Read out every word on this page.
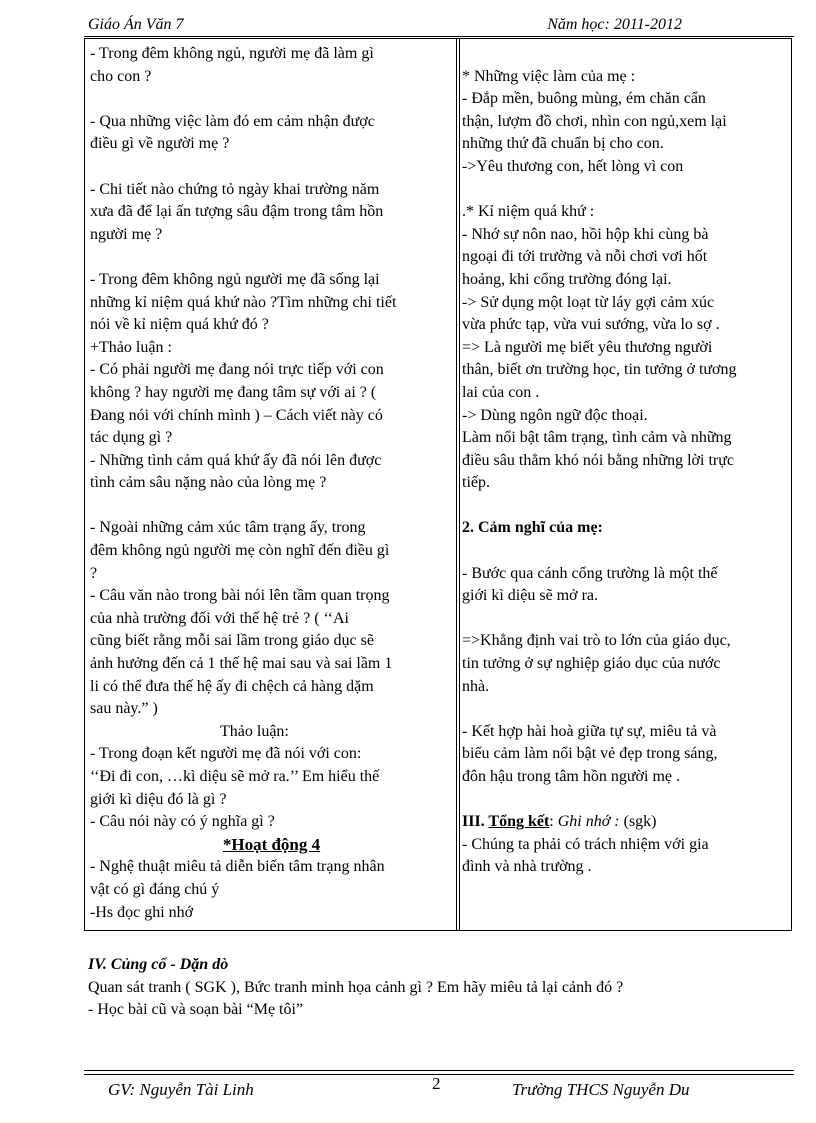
Giáo Án Văn 7	Năm học: 2011-2012

- Trong đêm không ngủ, người mẹ đã làm gì

cho con ?

- Qua những việc làm đó em cảm nhận được

điều gì về người mẹ ?

- Chi tiết nào chứng tỏ ngày khai trường năm

xưa đã để lại ấn tượng sâu đậm trong tâm hồn

người mẹ ?

- Trong đêm không ngủ người mẹ đã sống lại

những kỉ niệm quá khứ nào ?Tìm những chi tiết

nói về kỉ niệm quá khứ đó ?

+Thảo luận :

- Có phải người mẹ đang nói trực tiếp với con

không ? hay người mẹ đang tâm sự với ai ? (

Đang nói với chính mình ) – Cách viết này có

tác dụng gì ?

- Những tình cảm quá khứ ấy đã nói lên được

tình cảm sâu nặng nào của lòng mẹ ?

- Ngoài những cảm xúc tâm trạng ấy, trong

đêm không ngủ người mẹ còn nghĩ đến điều gì

?

- Câu văn nào trong bài nói lên tầm quan trọng

của nhà trường đối với thế hệ trẻ ? ( ‘‘Ai

cũng biết rằng mỗi sai lầm trong giáo dục sẽ

ảnh hưởng đến cả 1 thế hệ mai sau và sai lầm 1

li có thể đưa thế hệ ấy đi chệch cả hàng dặm

sau này.” )

Thảo luận:

- Trong đoạn kết người mẹ đã nói với con:

‘‘Đi đi con, …kì diệu sẽ mở ra.’’ Em hiểu thế

giới kì diệu đó là gì ?

- Câu nói này có ý nghĩa gì ?

*Hoạt động 4

- Nghệ thuật miêu tả diễn biến tâm trạng nhân

vật có gì đáng chú ý

-Hs đọc ghi nhớ

* Những việc làm của mẹ :

- Đắp mền, buông mùng, ém chăn cẩn

thận, lượm đồ chơi, nhìn con ngủ,xem lại

những thứ đã chuẩn bị cho con.

->Yêu thương con, hết lòng vì con

.* Kỉ niệm quá khứ :

- Nhớ sự nôn nao, hồi hộp khi cùng bà

ngoại đi tới trường và nỗi chơi vơi hốt

hoảng, khi cổng trường đóng lại.

-> Sử dụng một loạt từ láy gợi cảm xúc

vừa phức tạp, vừa vui sướng, vừa lo sợ .

=> Là người mẹ biết yêu thương người

thân, biết ơn trường học, tin tưởng ở tương

lai của con .

-> Dùng ngôn ngữ độc thoại.

Làm nổi bật tâm trạng, tình cảm và những

điều sâu thẳm khó nói bằng những lời trực

tiếp.

2. Cảm nghĩ của mẹ:

- Bước qua cánh cổng trường là một thế

giới kì diệu sẽ mở ra.

=>Khẳng định vai trò to lớn của giáo dục,

tin tưởng ở sự nghiệp giáo dục của nước

nhà.

- Kết hợp hài hoà giữa tự sự, miêu tả và

biểu cảm làm nổi bật vẻ đẹp trong sáng,

đôn hậu trong tâm hồn người mẹ .

III. Tổng kết: Ghi nhớ : (sgk)

- Chúng ta phải có trách nhiệm với gia

đình và nhà trường .

IV. Củng cố - Dặn dò

Quan sát tranh ( SGK ), Bức tranh minh họa cảnh gì ? Em hãy miêu tả lại cảnh đó ?

- Học bài cũ và soạn bài “Mẹ tôi”

2
GV: Nguyễn Tài Linh	Trường THCS Nguyễn Du
